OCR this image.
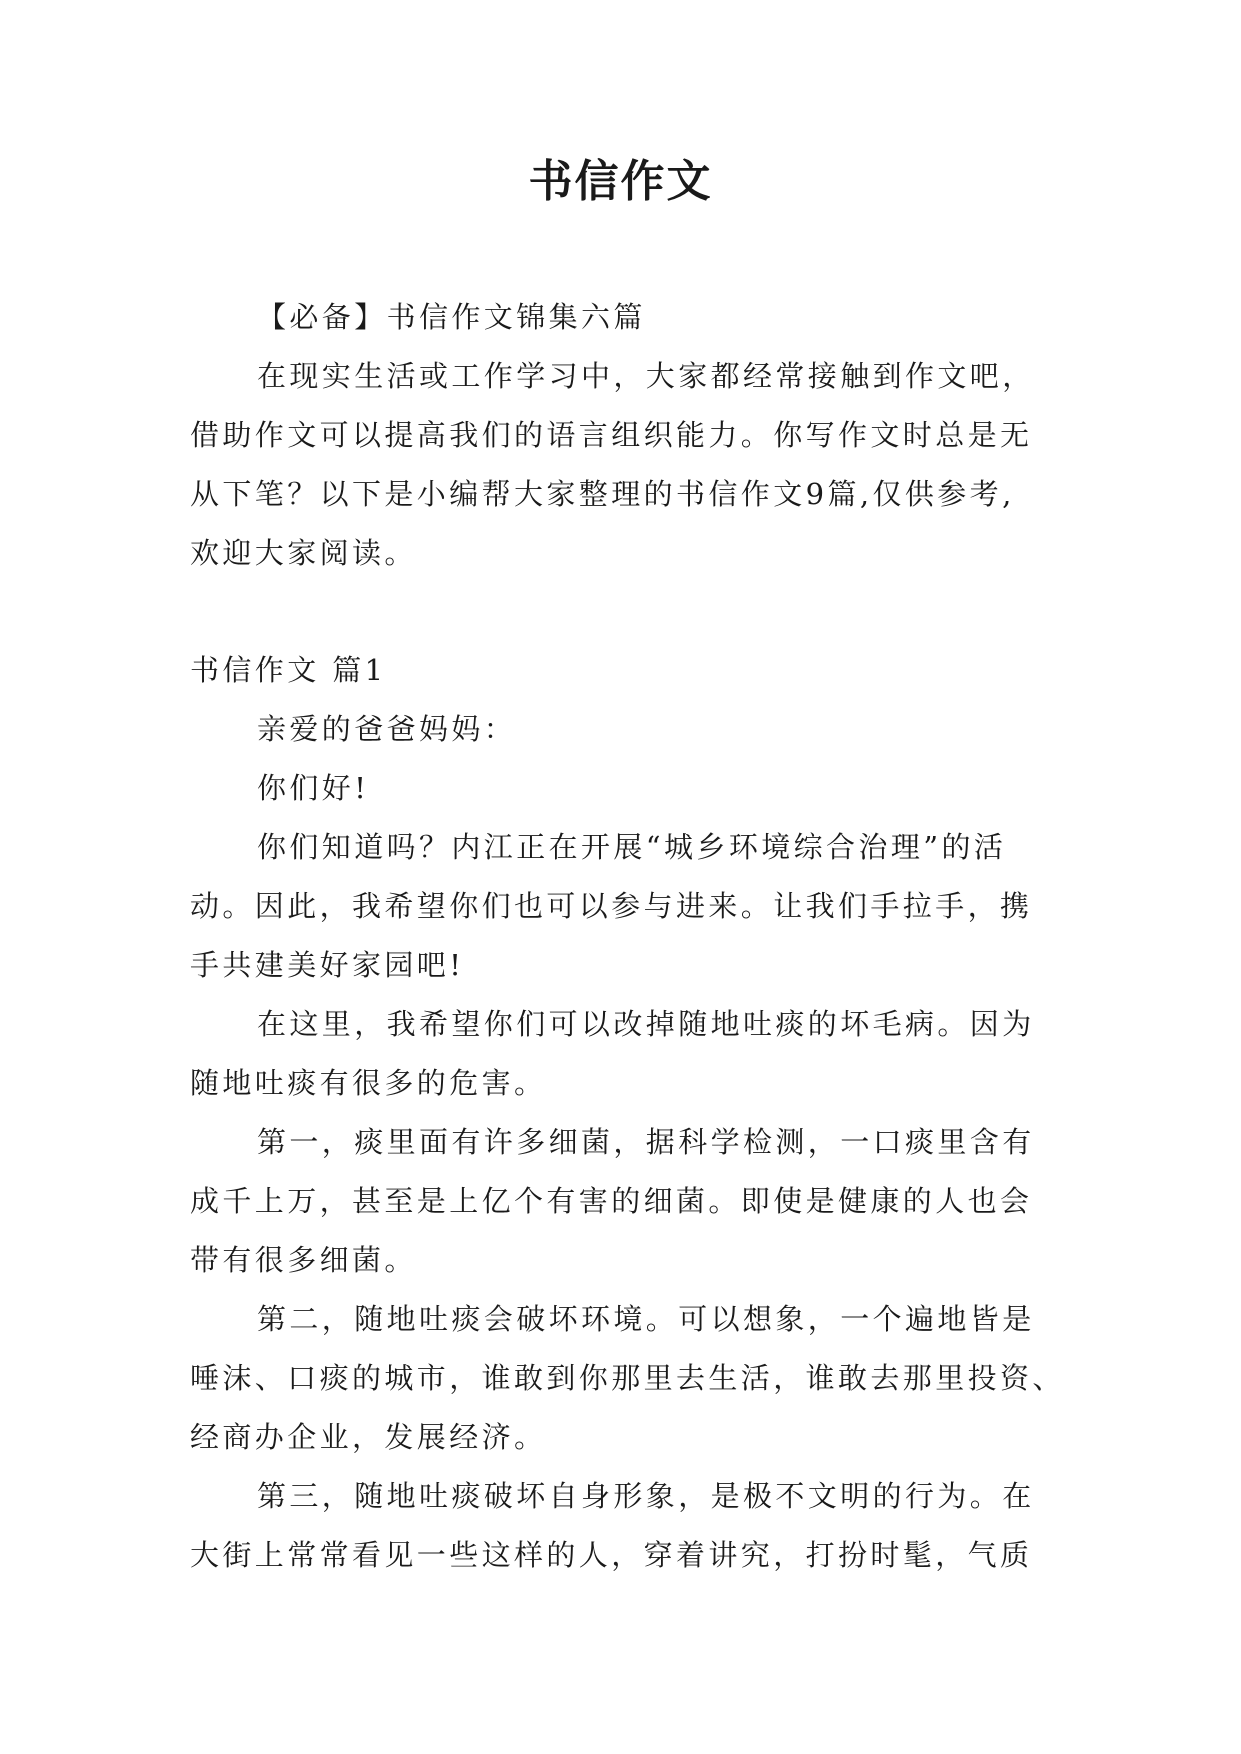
书信作文

【必备】书信作文锦集六篇

在现实生活或工作学习中，大家都经常接触到作文吧，

借助作文可以提高我们的语言组织能力。你写作文时总是无

从下笔？以下是小编帮大家整理的书信作文9篇,仅供参考,

欢迎大家阅读。

书信作文 篇1

亲爱的爸爸妈妈：

你们好!

你们知道吗？内江正在开展“城乡环境综合治理”的活

动。因此，我希望你们也可以参与进来。让我们手拉手，携

手共建美好家园吧!

在这里，我希望你们可以改掉随地吐痰的坏毛病。因为

随地吐痰有很多的危害。

第一，痰里面有许多细菌，据科学检测，一口痰里含有

成千上万，甚至是上亿个有害的细菌。即使是健康的人也会

带有很多细菌。

第二，随地吐痰会破坏环境。可以想象，一个遍地皆是

唾沫、口痰的城市，谁敢到你那里去生活，谁敢去那里投资、

经商办企业，发展经济。

第三，随地吐痰破坏自身形象，是极不文明的行为。在

大街上常常看见一些这样的人，穿着讲究，打扮时髦，气质
